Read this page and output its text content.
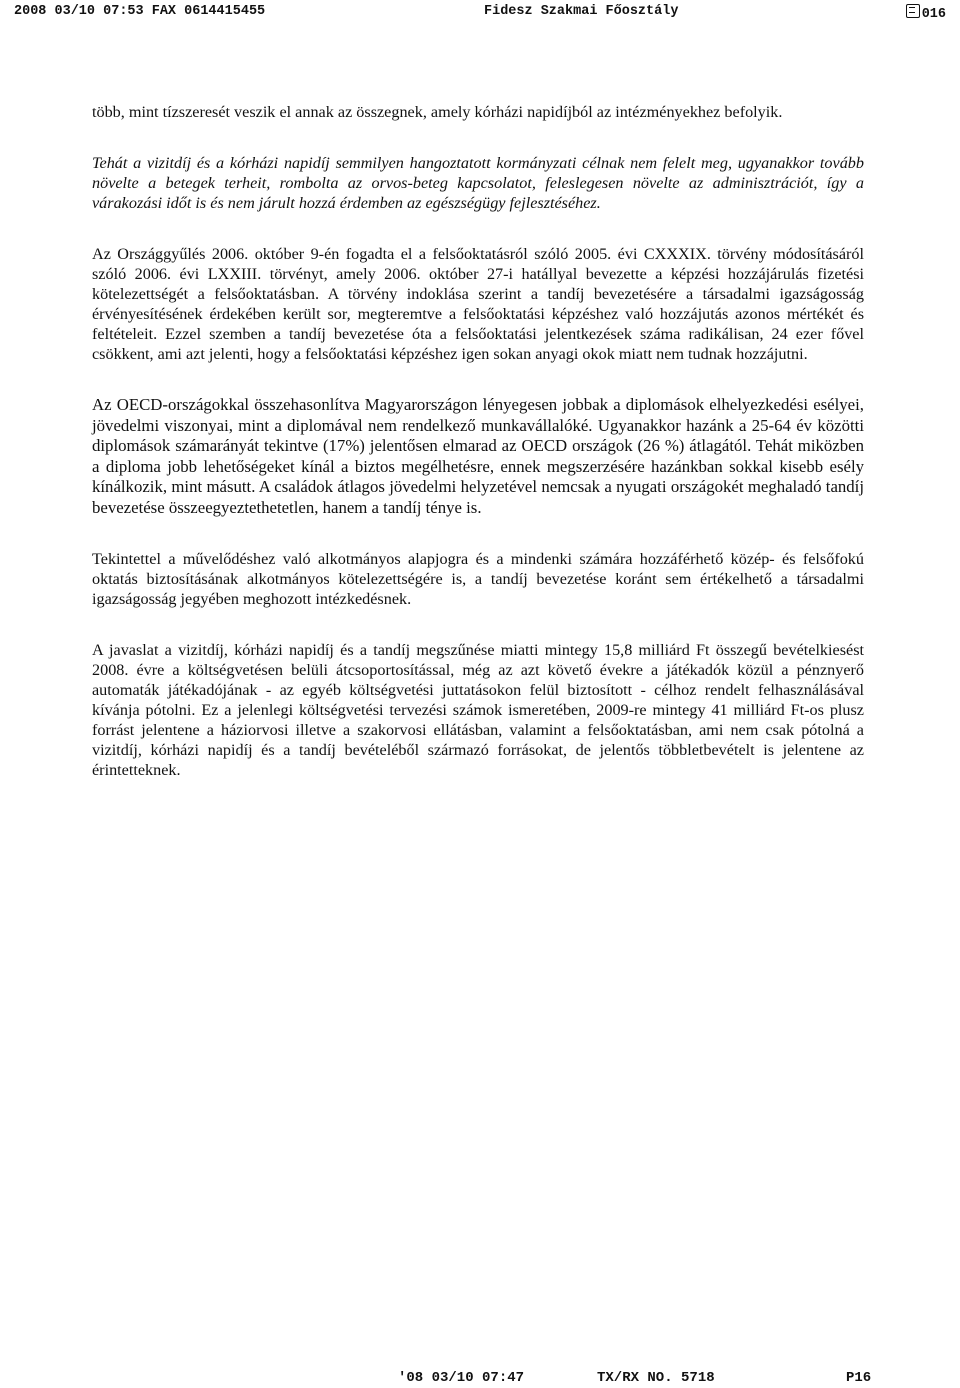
2008 03/10 07:53 FAX 0614415455	Fidesz Szakmai Főosztály	016

több, mint tízszeresét veszik el annak az összegnek, amely kórházi napidíjból az intézményekhez befolyik.

Tehát a vizitdíj és a kórházi napidíj semmilyen hangoztatott kormányzati célnak nem felelt meg, ugyanakkor tovább növelte a betegek terheit, rombolta az orvos-beteg kapcsolatot, feleslegesen növelte az adminisztrációt, így a várakozási időt is és nem járult hozzá érdemben az egészségügy fejlesztéséhez.

Az Országgyűlés 2006. október 9-én fogadta el a felsőoktatásról szóló 2005. évi CXXXIX. törvény módosításáról szóló 2006. évi LXXIII. törvényt, amely 2006. október 27-i hatállyal bevezette a képzési hozzájárulás fizetési kötelezettségét a felsőoktatásban. A törvény indoklása szerint a tandíj bevezetésére a társadalmi igazságosság érvényesítésének érdekében került sor, megteremtve a felsőoktatási képzéshez való hozzájutás azonos mértékét és feltételeit. Ezzel szemben a tandíj bevezetése óta a felsőoktatási jelentkezések száma radikálisan, 24 ezer fővel csökkent, ami azt jelenti, hogy a felsőoktatási képzéshez igen sokan anyagi okok miatt nem tudnak hozzájutni.

Az OECD-országokkal összehasonlítva Magyarországon lényegesen jobbak a diplomások elhelyezkedési esélyei, jövedelmi viszonyai, mint a diplomával nem rendelkező munkavállalóké. Ugyanakkor hazánk a 25-64 év közötti diplomások számarányát tekintve (17%) jelentősen elmarad az OECD országok (26 %) átlagától. Tehát miközben a diploma jobb lehetőségeket kínál a biztos megélhetésre, ennek megszerzésére hazánkban sokkal kisebb esély kínálkozik, mint másutt. A családok átlagos jövedelmi helyzetével nemcsak a nyugati országokét meghaladó tandíj bevezetése összeegyeztethetetlen, hanem a tandíj ténye is.

Tekintettel a művelődéshez való alkotmányos alapjogra és a mindenki számára hozzáférhető közép- és felsőfokú oktatás biztosításának alkotmányos kötelezettségére is, a tandíj bevezetése koránt sem értékelhető a társadalmi igazságosság jegyében meghozott intézkedésnek.

A javaslat a vizitdíj, kórházi napidíj és a tandíj megszűnése miatti mintegy 15,8 milliárd Ft összegű bevételkiesést 2008. évre a költségvetésen belüli átcsoportosítással, még az azt követő évekre a játékadók közül a pénznyerő automaták játékadójának - az egyéb költségvetési juttatásokon felül biztosított - célhoz rendelt felhasználásával kívánja pótolni. Ez a jelenlegi költségvetési tervezési számok ismeretében, 2009-re mintegy 41 milliárd Ft-os plusz forrást jelentene a háziorvosi illetve a szakorvosi ellátásban, valamint a felsőoktatásban, ami nem csak pótolná a vizitdíj, kórházi napidíj és a tandíj bevételéből származó forrásokat, de jelentős többletbevételt is jelentene az érintetteknek.

'08 03/10 07:47	TX/RX NO. 5718	P16
